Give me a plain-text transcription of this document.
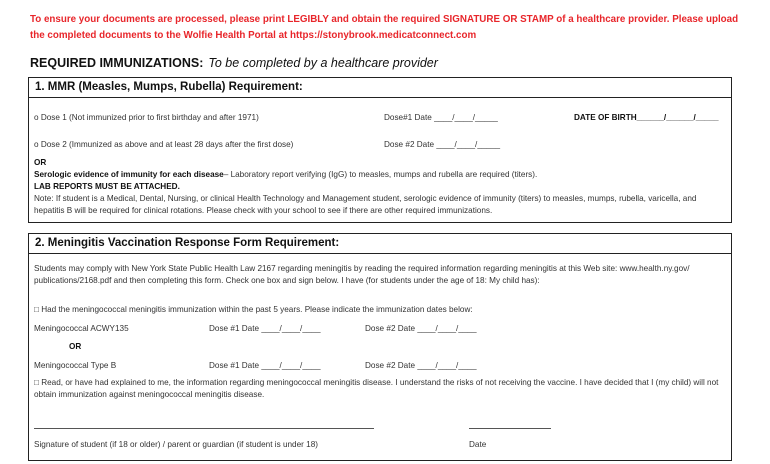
To ensure your documents are processed, please print LEGIBLY and obtain the required SIGNATURE OR STAMP of a healthcare provider. Please upload the completed documents to the Wolfie Health Portal at https://stonybrook.medicatconnect.com
REQUIRED IMMUNIZATIONS: To be completed by a healthcare provider
1. MMR (Measles, Mumps, Rubella) Requirement:
o Dose 1 (Not immunized prior to first birthday and after 1971)	Dose#1 Date ____/____/_____	DATE OF BIRTH______/______/_____
o Dose 2 (Immunized as above and at least 28 days after the first dose)	Dose #2 Date ____/____/_____
OR
Serologic evidence of immunity for each disease– Laboratory report verifying (IgG) to measles, mumps and rubella are required (titers).
LAB REPORTS MUST BE ATTACHED.
Note: If student is a Medical, Dental, Nursing, or clinical Health Technology and Management student, serologic evidence of immunity (titers) to measles, mumps, rubella, varicella, and hepatitis B will be required for clinical rotations. Please check with your school to see if there are other required immunizations.
2. Meningitis Vaccination Response Form Requirement:
Students may comply with New York State Public Health Law 2167 regarding meningitis by reading the required information regarding meningitis at this Web site: www.health.ny.gov/ publications/2168.pdf and then completing this form. Check one box and sign below. I have (for students under the age of 18: My child has):
□ Had the meningococcal meningitis immunization within the past 5 years. Please indicate the immunization dates below:
Meningococcal ACWY135	Dose #1 Date ____/____/____	Dose #2 Date ____/____/____
OR
Meningococcal Type B	Dose #1 Date ____/____/____	Dose #2 Date ____/____/____
□ Read, or have had explained to me, the information regarding meningococcal meningitis disease. I understand the risks of not receiving the vaccine. I have decided that I (my child) will not obtain immunization against meningococcal meningitis disease.
Signature of student (if 18 or older) / parent or guardian (if student is under 18)	Date
